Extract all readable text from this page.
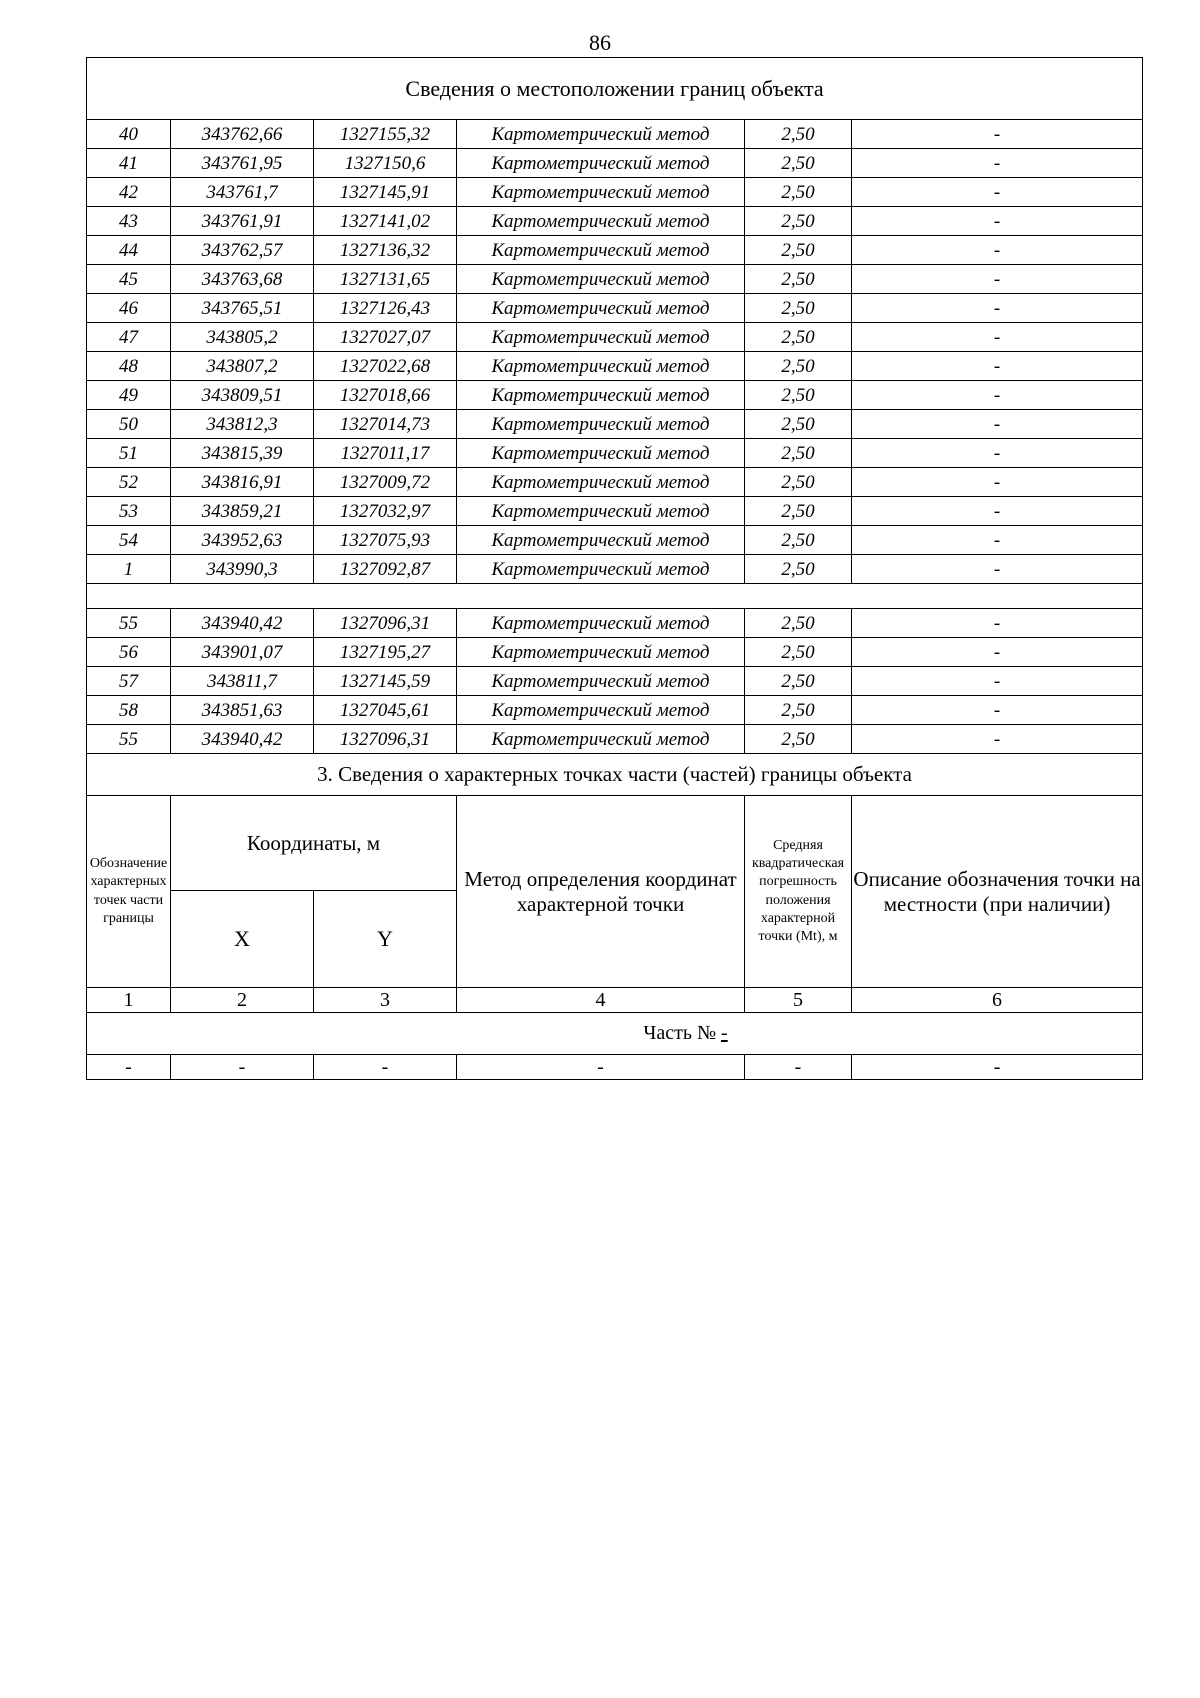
86
Сведения о местоположении границ объекта					
40	343762,66	1327155,32	Картометрический метод	2,50	-
41	343761,95	1327150,6	Картометрический метод	2,50	-
42	343761,7	1327145,91	Картометрический метод	2,50	-
43	343761,91	1327141,02	Картометрический метод	2,50	-
44	343762,57	1327136,32	Картометрический метод	2,50	-
45	343763,68	1327131,65	Картометрический метод	2,50	-
46	343765,51	1327126,43	Картометрический метод	2,50	-
47	343805,2	1327027,07	Картометрический метод	2,50	-
48	343807,2	1327022,68	Картометрический метод	2,50	-
49	343809,51	1327018,66	Картометрический метод	2,50	-
50	343812,3	1327014,73	Картометрический метод	2,50	-
51	343815,39	1327011,17	Картометрический метод	2,50	-
52	343816,91	1327009,72	Картометрический метод	2,50	-
53	343859,21	1327032,97	Картометрический метод	2,50	-
54	343952,63	1327075,93	Картометрический метод	2,50	-
1	343990,3	1327092,87	Картометрический метод	2,50	-

55	343940,42	1327096,31	Картометрический метод	2,50	-
56	343901,07	1327195,27	Картометрический метод	2,50	-
57	343811,7	1327145,59	Картометрический метод	2,50	-
58	343851,63	1327045,61	Картометрический метод	2,50	-
55	343940,42	1327096,31	Картометрический метод	2,50	-
3. Сведения о характерных точках части (частей) границы объекта					
Обозначение характерных точек части границы	Координаты, м		Метод определения координат характерной точки	Средняя квадратическая погрешность положения характерной точки (Mt), м	Описание обозначения точки на местности (при наличии)
	X	Y			
1	2	3	4	5	6
Часть № -					
-	-	-	-	-	-
